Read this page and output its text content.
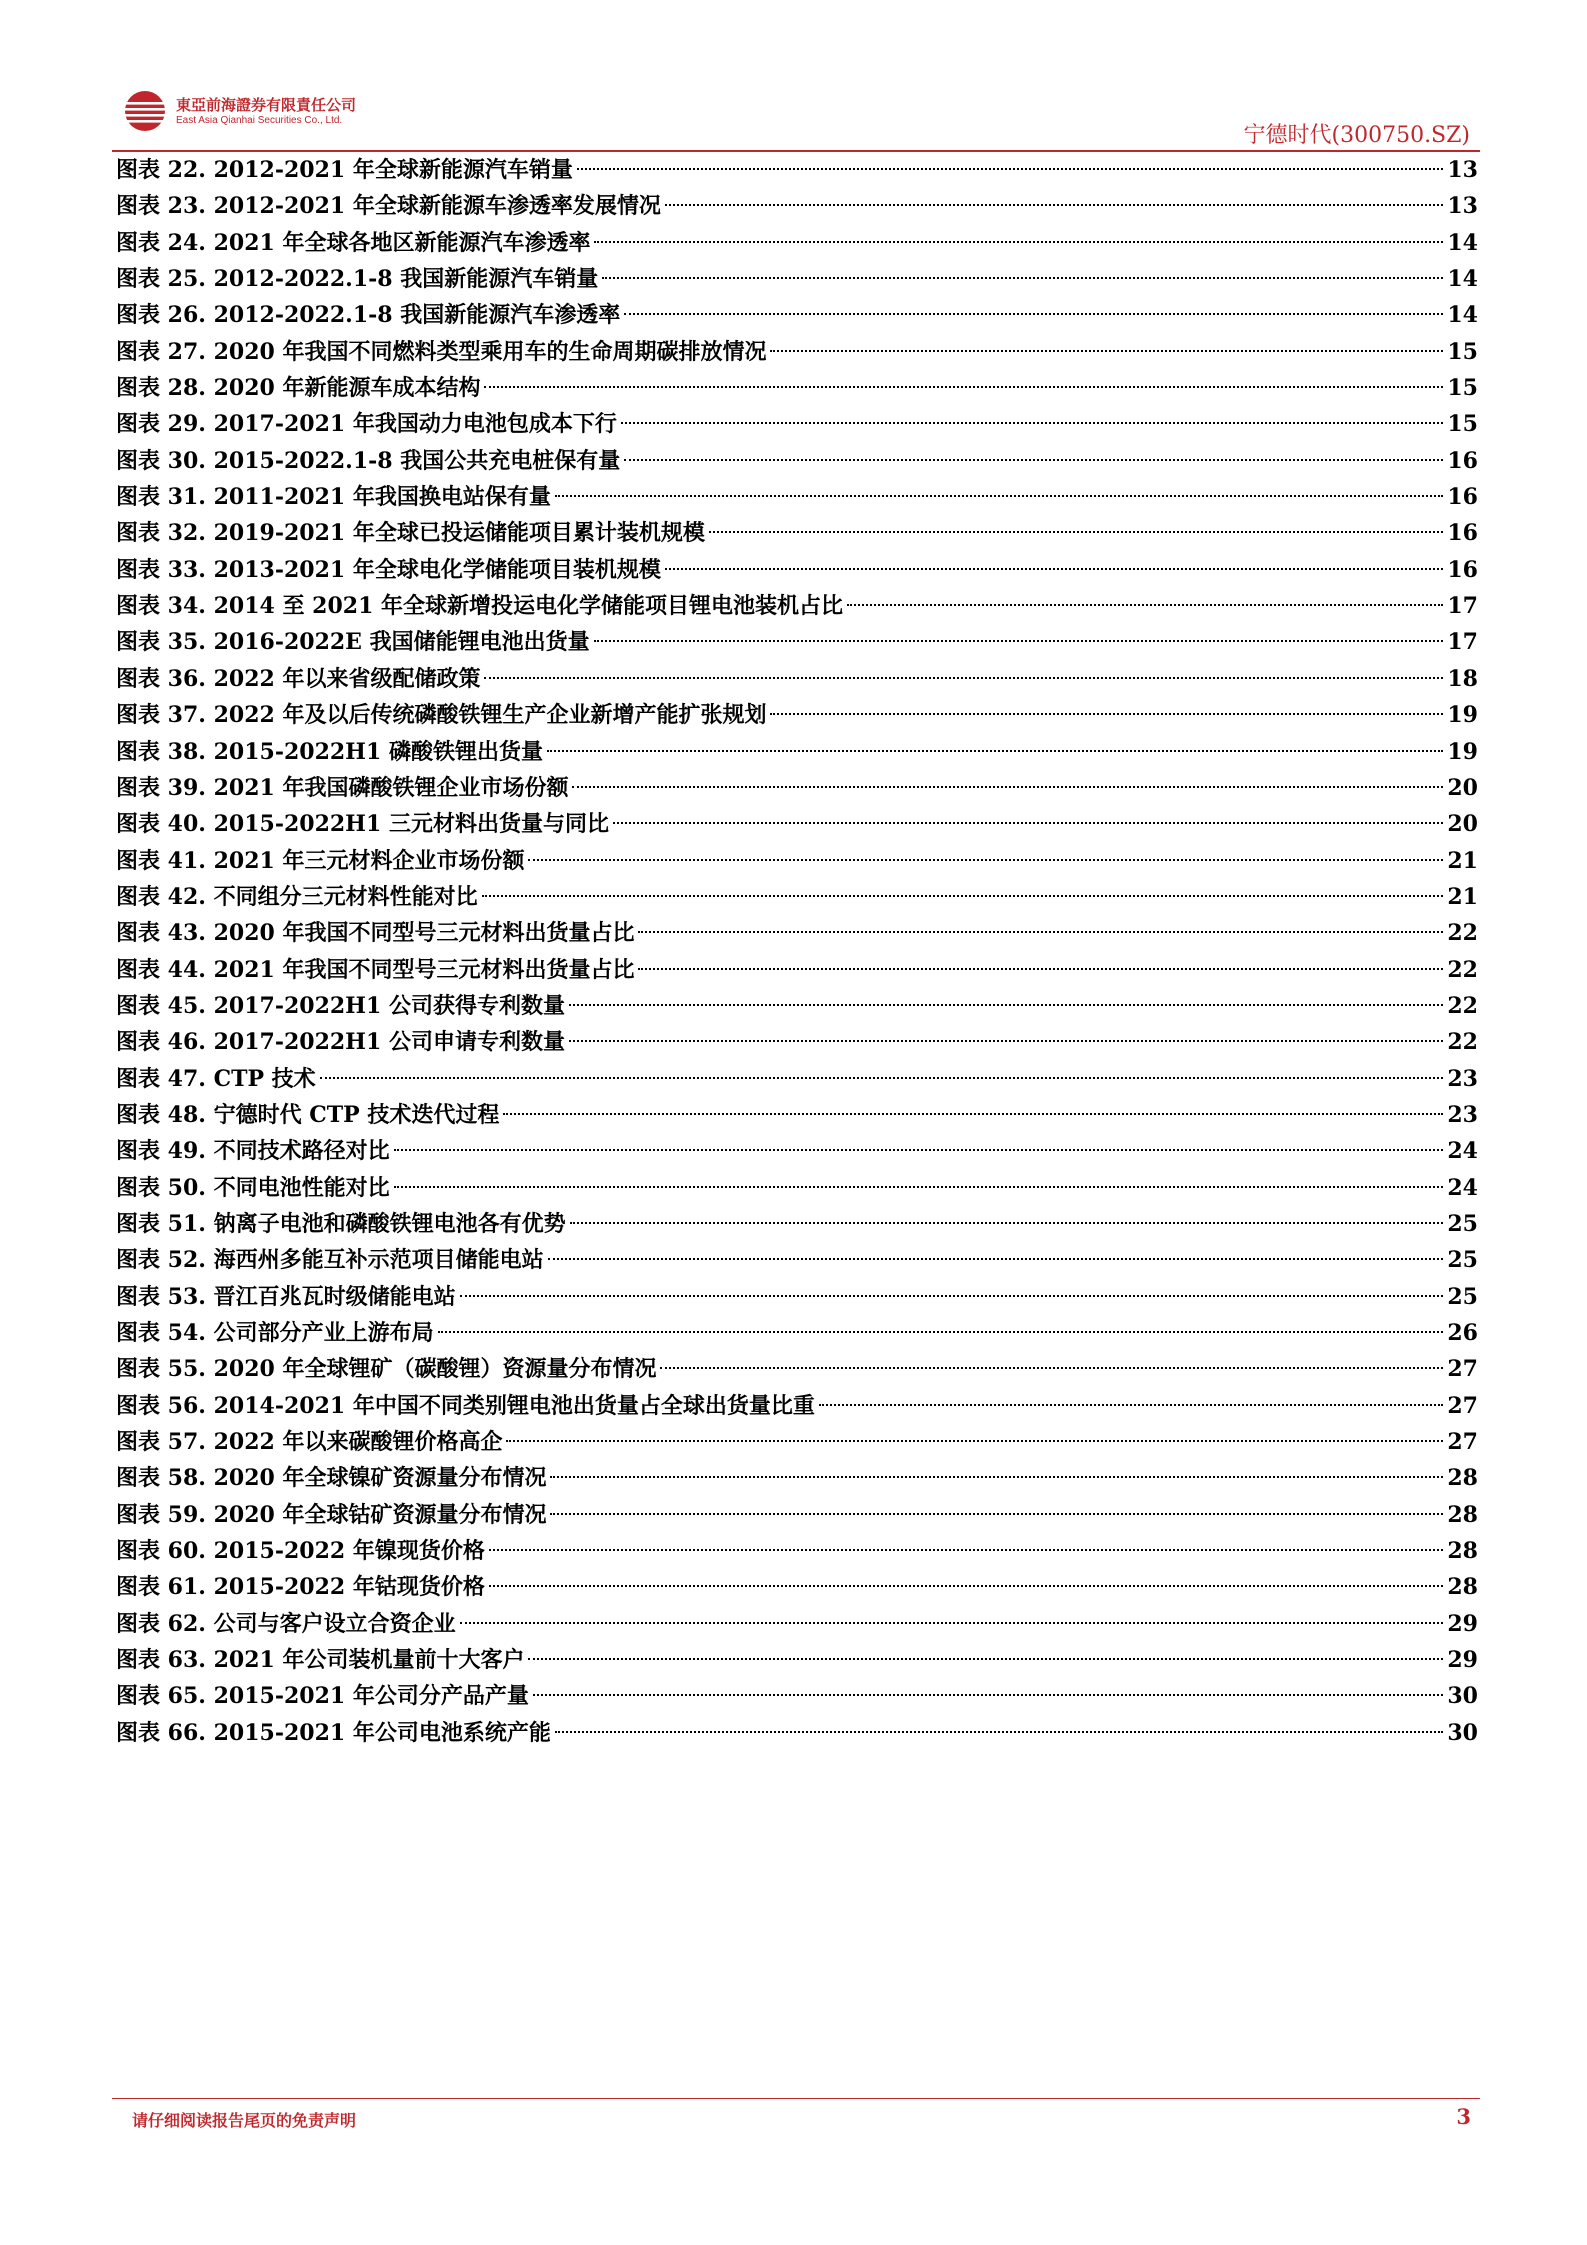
東亞前海證券有限責任公司
East Asia Qianhai Securities Co., Ltd.
宁德时代(300750.SZ)
图表 22. 2012-2021 年全球新能源汽车销量	13
图表 23. 2012-2021 年全球新能源车渗透率发展情况	13
图表 24. 2021 年全球各地区新能源汽车渗透率	14
图表 25. 2012-2022.1-8 我国新能源汽车销量	14
图表 26. 2012-2022.1-8 我国新能源汽车渗透率	14
图表 27. 2020 年我国不同燃料类型乘用车的生命周期碳排放情况	15
图表 28. 2020 年新能源车成本结构	15
图表 29. 2017-2021 年我国动力电池包成本下行	15
图表 30. 2015-2022.1-8 我国公共充电桩保有量	16
图表 31. 2011-2021 年我国换电站保有量	16
图表 32. 2019-2021 年全球已投运储能项目累计装机规模	16
图表 33. 2013-2021 年全球电化学储能项目装机规模	16
图表 34. 2014 至 2021 年全球新增投运电化学储能项目锂电池装机占比	17
图表 35. 2016-2022E 我国储能锂电池出货量	17
图表 36. 2022 年以来省级配储政策	18
图表 37. 2022 年及以后传统磷酸铁锂生产企业新增产能扩张规划	19
图表 38. 2015-2022H1 磷酸铁锂出货量	19
图表 39. 2021 年我国磷酸铁锂企业市场份额	20
图表 40. 2015-2022H1 三元材料出货量与同比	20
图表 41. 2021 年三元材料企业市场份额	21
图表 42. 不同组分三元材料性能对比	21
图表 43. 2020 年我国不同型号三元材料出货量占比	22
图表 44. 2021 年我国不同型号三元材料出货量占比	22
图表 45. 2017-2022H1 公司获得专利数量	22
图表 46. 2017-2022H1 公司申请专利数量	22
图表 47. CTP 技术	23
图表 48. 宁德时代 CTP 技术迭代过程	23
图表 49. 不同技术路径对比	24
图表 50. 不同电池性能对比	24
图表 51. 钠离子电池和磷酸铁锂电池各有优势	25
图表 52. 海西州多能互补示范项目储能电站	25
图表 53. 晋江百兆瓦时级储能电站	25
图表 54. 公司部分产业上游布局	26
图表 55. 2020 年全球锂矿（碳酸锂）资源量分布情况	27
图表 56. 2014-2021 年中国不同类别锂电池出货量占全球出货量比重	27
图表 57. 2022 年以来碳酸锂价格高企	27
图表 58. 2020 年全球镍矿资源量分布情况	28
图表 59. 2020 年全球钴矿资源量分布情况	28
图表 60. 2015-2022 年镍现货价格	28
图表 61. 2015-2022 年钴现货价格	28
图表 62. 公司与客户设立合资企业	29
图表 63. 2021 年公司装机量前十大客户	29
图表 65. 2015-2021 年公司分产品产量	30
图表 66. 2015-2021 年公司电池系统产能	30
请仔细阅读报告尾页的免责声明	3
